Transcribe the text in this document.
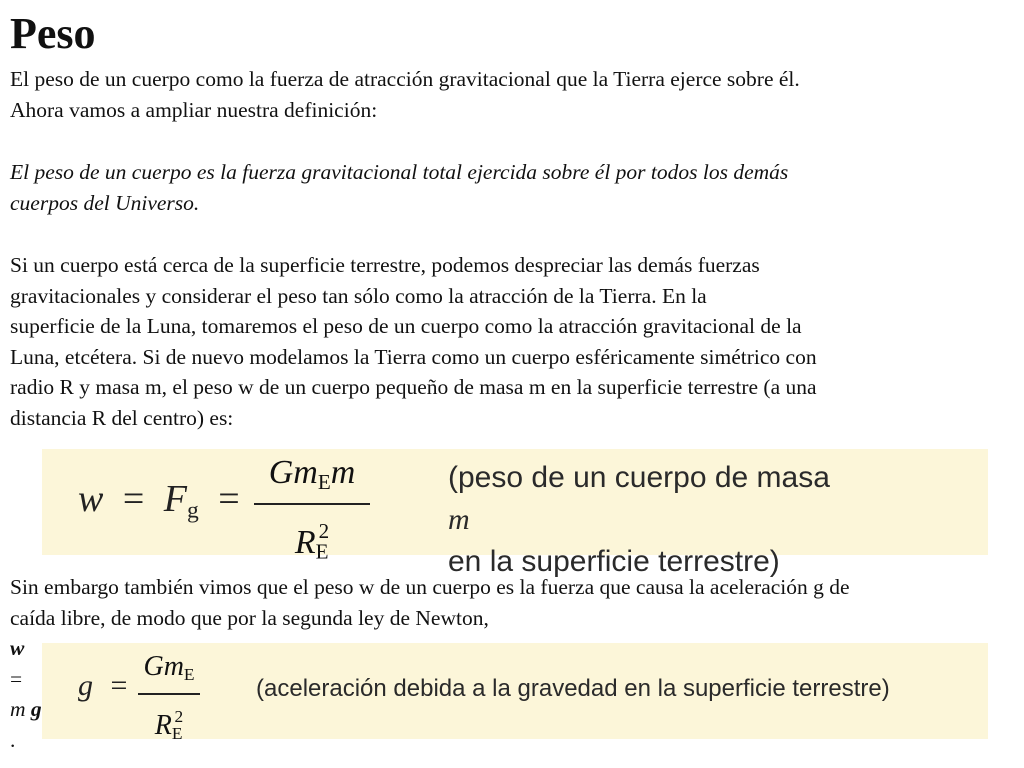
Peso

El peso de un cuerpo como la fuerza de atracción gravitacional que la Tierra ejerce sobre él.
Ahora vamos a ampliar nuestra definición:

El peso de un cuerpo es la fuerza gravitacional total ejercida sobre él por todos los demás
cuerpos del Universo.

Si un cuerpo está cerca de la superficie terrestre, podemos despreciar las demás fuerzas
gravitacionales y considerar el peso tan sólo como la atracción de la Tierra. En la
superficie de la Luna, tomaremos el peso de un cuerpo como la atracción gravitacional de la
Luna, etcétera. Si de nuevo modelamos la Tierra como un cuerpo esféricamente simétrico con
radio R y masa m, el peso w de un cuerpo pequeño de masa m en la superficie terrestre (a una
distancia R del centro) es:

$w = F_g$ =
$Gm_Em$
$R_E^2$
(peso de un cuerpo de masa
m
en la superficie terrestre)

Sin embargo también vimos que el peso w de un cuerpo es la fuerza que causa la aceleración g de
caída libre, de modo que por la segunda ley de Newton,
w
=
m g
.

g =
$Gm_E$
$R_E^2$
(aceleración debida a la gravedad en la superficie terrestre)
